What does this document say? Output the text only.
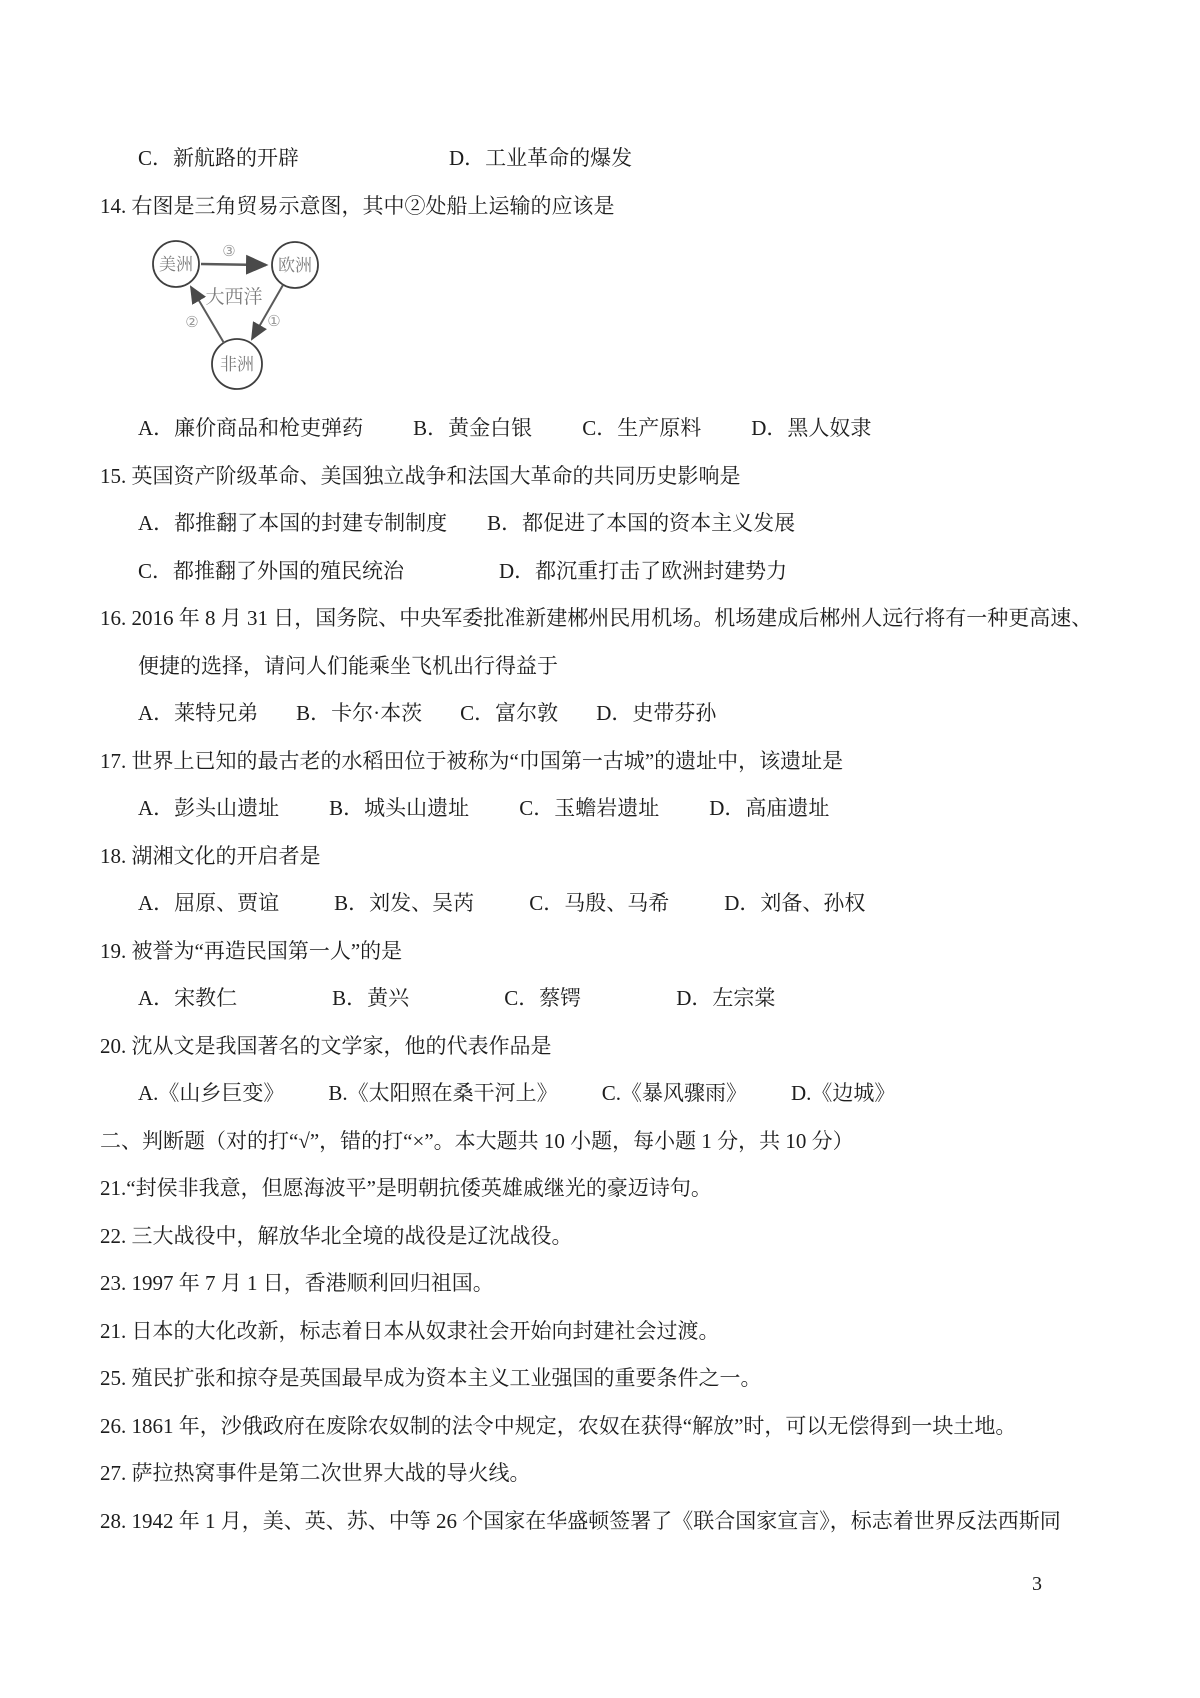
C．新航路的开辟	D．工业革命的爆发
14. 右图是三角贸易示意图，其中②处船上运输的应该是
美洲	欧洲
非洲
大西洋
③
②	①
A．廉价商品和枪吏弹药 B．黄金白银 C．生产原料 D．黑人奴隶
15. 英国资产阶级革命、美国独立战争和法国大革命的共同历史影响是
A．都推翻了本国的封建专制制度 B．都促进了本国的资本主义发展
C．都推翻了外国的殖民统治	D．都沉重打击了欧洲封建势力
16. 2016 年 8 月 31 日，国务院、中央军委批准新建郴州民用机场。机场建成后郴州人远行将有一种更高速、
便捷的选择，请问人们能乘坐飞机出行得益于
A．莱特兄弟 B．卡尔·本茨 C．富尔敦 D．史带芬孙
17. 世界上已知的最古老的水稻田位于被称为“巾国第一古城”的遗址中，该遗址是
A．彭头山遗址 B．城头山遗址 C．玉蟾岩遗址 D．高庙遗址
18. 湖湘文化的开启者是
A．屈原、贾谊	B．刘发、吴芮	C．马殷、马希	D．刘备、孙权
19. 被誉为“再造民国第一人”的是
A．宋教仁	B．黄兴	C．蔡锷	D．左宗棠
20. 沈从文是我国著名的文学家，他的代表作品是
A.《山乡巨变》 B.《太阳照在桑干河上》 C.《暴风骤雨》 D.《边城》
二、判断题（对的打“√”，错的打“×”。本大题共 10 小题，每小题 1 分，共 10 分）
21.“封侯非我意，但愿海波平”是明朝抗倭英雄戚继光的豪迈诗句。
22. 三大战役中，解放华北全境的战役是辽沈战役。
23. 1997 年 7 月 1 日，香港顺利回归祖国。
21. 日本的大化改新，标志着日本从奴隶社会开始向封建社会过渡。
25. 殖民扩张和掠夺是英国最早成为资本主义工业强国的重要条件之一。
26. 1861 年，沙俄政府在废除农奴制的法令中规定，农奴在获得“解放”时，可以无偿得到一块土地。
27. 萨拉热窝事件是第二次世界大战的导火线。
28. 1942 年 1 月，美、英、苏、中等 26 个国家在华盛顿签署了《联合国家宣言》，标志着世界反法西斯同
3
